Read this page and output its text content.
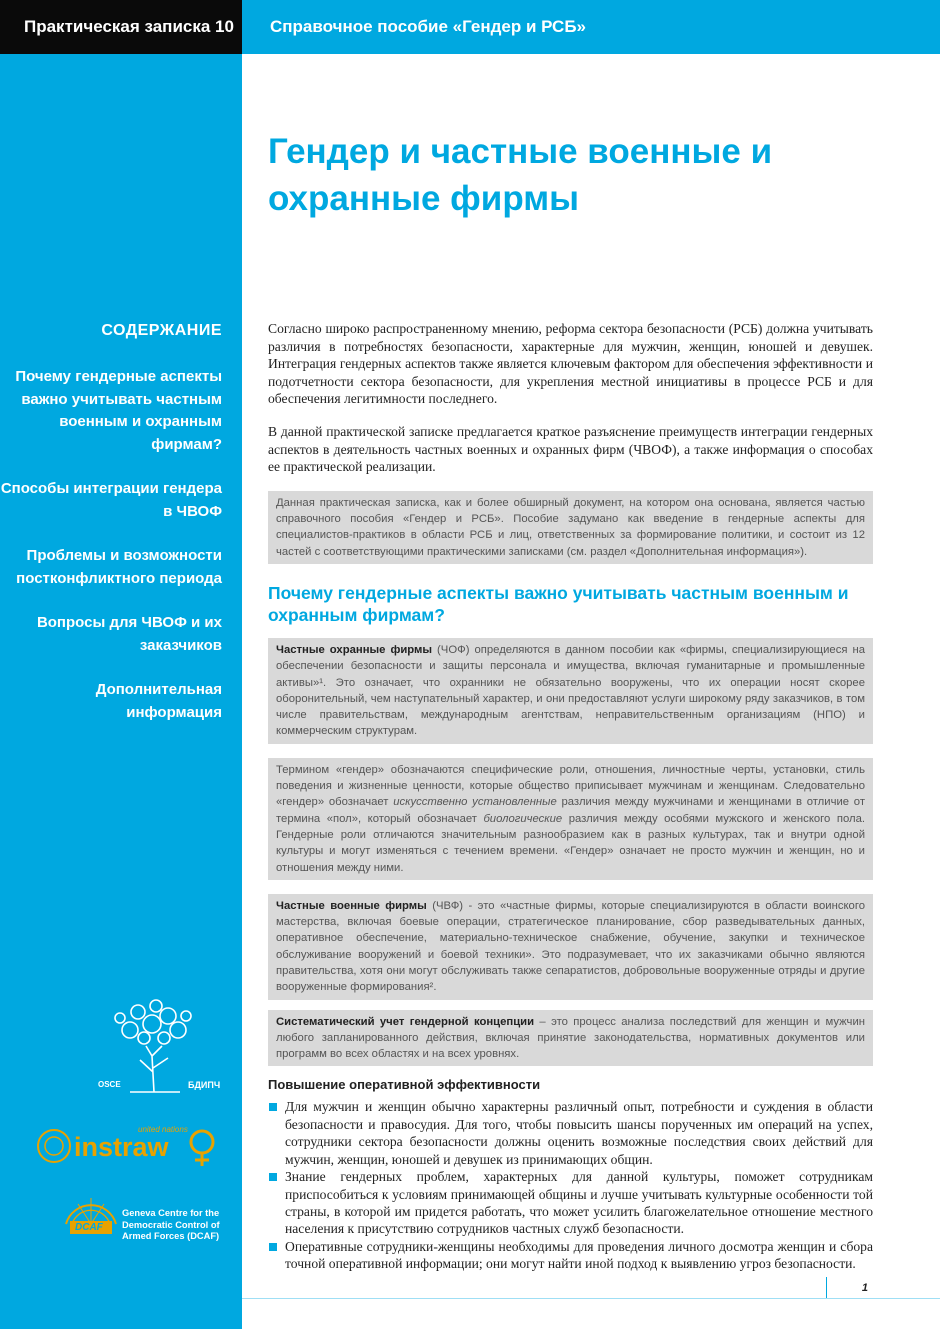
Практическая записка 10	Справочное пособие «Гендер и РСБ»
Гендер и частные военные и охранные фирмы
СОДЕРЖАНИЕ
Почему гендерные аспекты важно учитывать частным военным и охранным фирмам?
Способы интеграции гендера в ЧВОФ
Проблемы и возможности постконфликтного периода
Вопросы для ЧВОФ и их заказчиков
Дополнительная информация

Согласно широко распространенному мнению, реформа сектора безопасности (РСБ) должна учитывать различия в потребностях безопасности, характерные для мужчин, женщин, юношей и девушек. Интеграция гендерных аспектов также является ключевым фактором для обеспечения эффективности и подотчетности сектора безопасности, для укрепления местной инициативы в процессе РСБ и для обеспечения легитимности последнего.

В данной практической записке предлагается краткое разъяснение преимуществ интеграции гендерных аспектов в деятельность частных военных и охранных фирм (ЧВОФ), а также информация о способах ее практической реализации.

Данная практическая записка, как и более обширный документ, на котором она основана, является частью справочного пособия «Гендер и РСБ». Пособие задумано как введение в гендерные аспекты для специалистов-практиков в области РСБ и лиц, ответственных за формирование политики, и состоит из 12 частей с соответствующими практическими записками (см. раздел «Дополнительная информация»).
Почему гендерные аспекты важно учитывать частным военным и охранным фирмам?
Частные охранные фирмы (ЧОФ) определяются в данном пособии как «фирмы, специализирующиеся на обеспечении безопасности и защиты персонала и имущества, включая гуманитарные и промышленные активы»¹. Это означает, что охранники не обязательно вооружены, что их операции носят скорее оборонительный, чем наступательный характер, и они предоставляют услуги широкому ряду заказчиков, в том числе правительствам, международным агентствам, неправительственным организациям (НПО) и коммерческим структурам.
Термином «гендер» обозначаются специфические роли, отношения, личностные черты, установки, стиль поведения и жизненные ценности, которые общество приписывает мужчинам и женщинам. Следовательно «гендер» обозначает искусственно установленные различия между мужчинами и женщинами в отличие от термина «пол», который обозначает биологические различия между особями мужского и женского пола. Гендерные роли отличаются значительным разнообразием как в разных культурах, так и внутри одной культуры и могут изменяться с течением времени. «Гендер» означает не просто мужчин и женщин, но и отношения между ними.
Частные военные фирмы (ЧВФ) - это «частные фирмы, которые специализируются в области воинского мастерства, включая боевые операции, стратегическое планирование, сбор разведывательных данных, оперативное обеспечение, материально-техническое снабжение, обучение, закупки и техническое обслуживание вооружений и боевой техники». Это подразумевает, что их заказчиками обычно являются правительства, хотя они могут обслуживать также сепаратистов, добровольные вооруженные отряды и другие вооруженные формирования².
Систематический учет гендерной концепции – это процесс анализа последствий для женщин и мужчин любого запланированного действия, включая принятие законодательства, нормативных документов или программ во всех областях и на всех уровнях.
Повышение оперативной эффективности
Для мужчин и женщин обычно характерны различный опыт, потребности и суждения в области безопасности и правосудия. Для того, чтобы повысить шансы порученных им операций на успех, сотрудники сектора безопасности должны оценить возможные последствия своих действий для мужчин, женщин, юношей и девушек из принимающих общин.
Знание гендерных проблем, характерных для данной культуры, поможет сотрудникам приспособиться к условиям принимающей общины и лучше учитывать культурные особенности той страны, в которой им придется работать, что может усилить благожелательное отношение местного населения к присутствию сотрудников частных служб безопасности.
Оперативные сотрудники-женщины необходимы для проведения личного досмотра женщин и сбора точной оперативной информации; они могут найти иной подход к выявлению угроз безопасности.
OSCE	БДИПЧ
united nations
instraw
DCAF
Geneva Centre for the Democratic Control of Armed Forces (DCAF)
1
